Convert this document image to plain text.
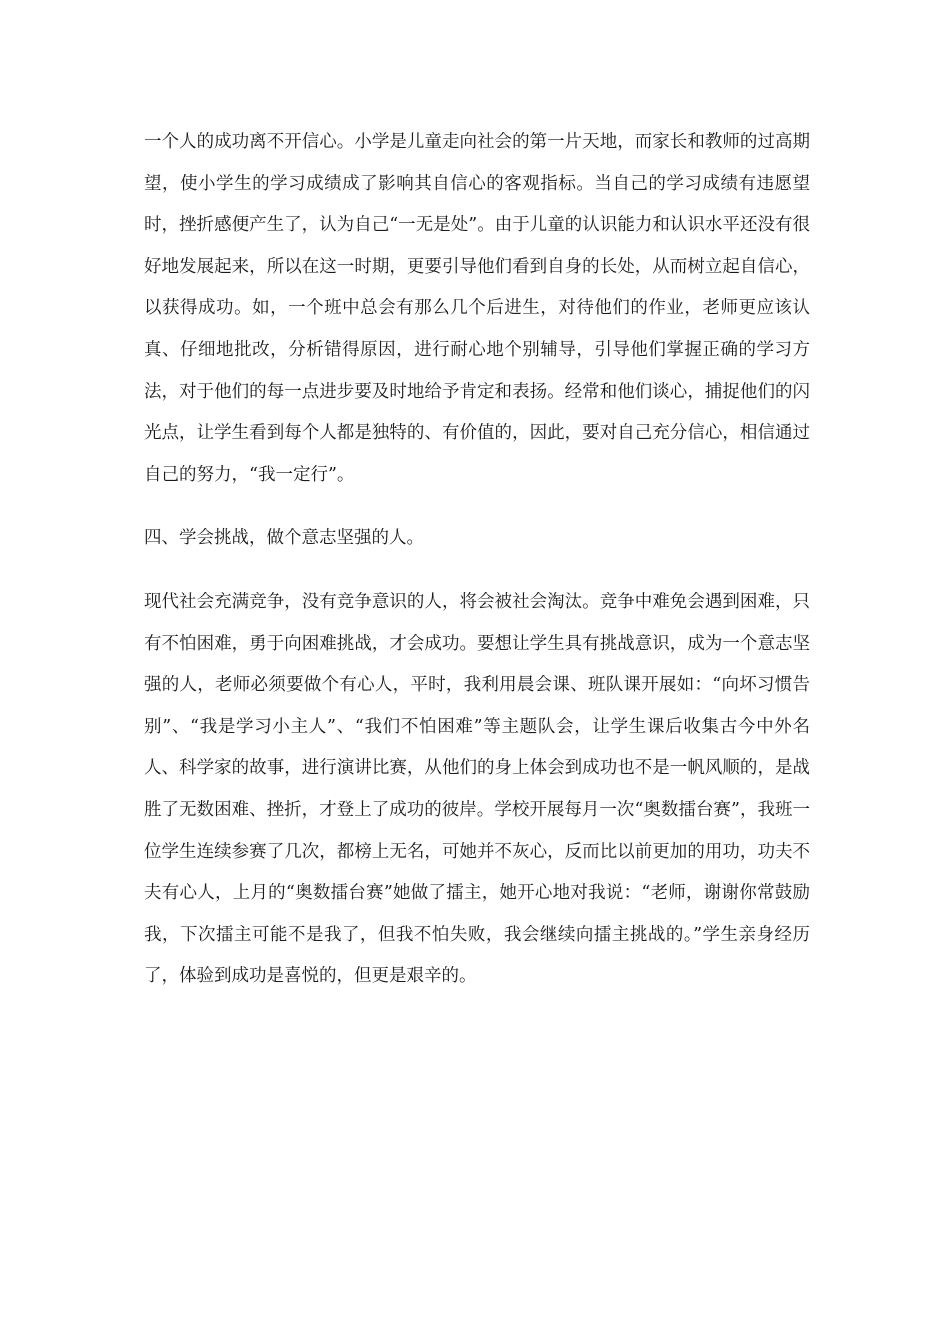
一个人的成功离不开信心。小学是儿童走向社会的第一片天地，而家长和教师的过高期望，使小学生的学习成绩成了影响其自信心的客观指标。当自己的学习成绩有违愿望时，挫折感便产生了，认为自己“一无是处”。由于儿童的认识能力和认识水平还没有很好地发展起来，所以在这一时期，更要引导他们看到自身的长处，从而树立起自信心，以获得成功。如，一个班中总会有那么几个后进生，对待他们的作业，老师更应该认真、仔细地批改，分析错得原因，进行耐心地个别辅导，引导他们掌握正确的学习方法，对于他们的每一点进步要及时地给予肯定和表扬。经常和他们谈心，捕捉他们的闪光点，让学生看到每个人都是独特的、有价值的，因此，要对自己充分信心，相信通过自己的努力，“我一定行”。

四、学会挑战，做个意志坚强的人。

现代社会充满竞争，没有竞争意识的人，将会被社会淘汰。竞争中难免会遇到困难，只有不怕困难，勇于向困难挑战，才会成功。要想让学生具有挑战意识，成为一个意志坚强的人，老师必须要做个有心人，平时，我利用晨会课、班队课开展如：“向坏习惯告别”、“我是学习小主人”、“我们不怕困难”等主题队会，让学生课后收集古今中外名人、科学家的故事，进行演讲比赛，从他们的身上体会到成功也不是一帆风顺的，是战胜了无数困难、挫折，才登上了成功的彼岸。学校开展每月一次“奥数擂台赛”，我班一位学生连续参赛了几次，都榜上无名，可她并不灰心，反而比以前更加的用功，功夫不夫有心人，上月的“奥数擂台赛”她做了擂主，她开心地对我说：“老师，谢谢你常鼓励我，下次擂主可能不是我了，但我不怕失败，我会继续向擂主挑战的。”学生亲身经历了，体验到成功是喜悦的，但更是艰辛的。
